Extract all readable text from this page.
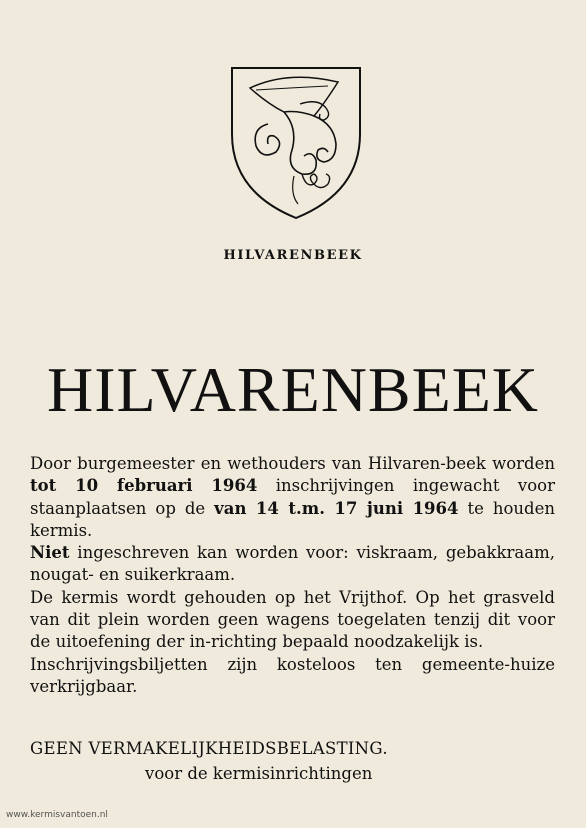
HILVARENBEEK
HILVARENBEEK

Door burgemeester en wethouders van Hilvaren-beek worden tot 10 februari 1964 inschrijvingen ingewacht voor staanplaatsen op de van 14 t.m. 17 juni 1964 te houden kermis.

Niet ingeschreven kan worden voor: viskraam, gebakkraam, nougat- en suikerkraam.

De kermis wordt gehouden op het Vrijthof. Op het grasveld van dit plein worden geen wagens toegelaten tenzij dit voor de uitoefening der in-richting bepaald noodzakelijk is.

Inschrijvingsbiljetten zijn kosteloos ten gemeente-huize verkrijgbaar.

GEEN VERMAKELIJKHEIDSBELASTING.
voor de kermisinrichtingen
www.kermisvantoen.nl
